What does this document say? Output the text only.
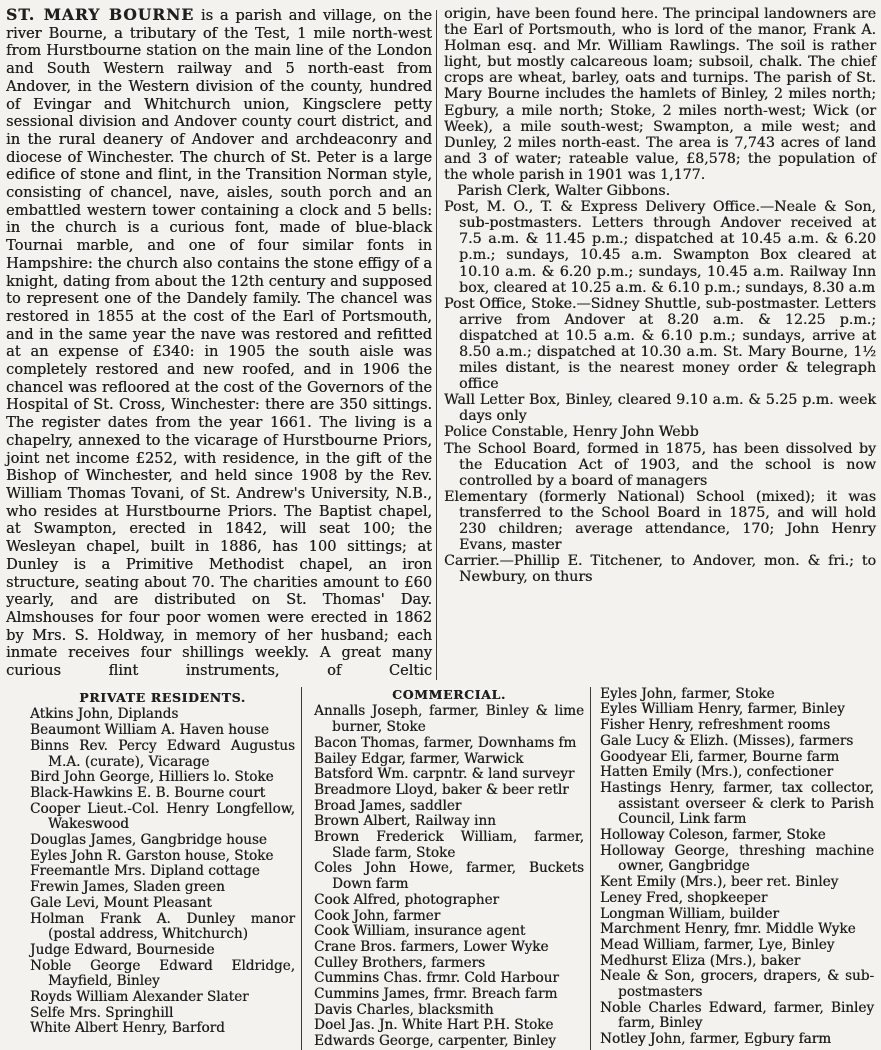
ST. MARY BOURNE is a parish and village, on the river Bourne, a tributary of the Test, 1 mile north-west from Hurstbourne station on the main line of the London and South Western railway and 5 north-east from Andover, in the Western division of the county, hundred of Evingar and Whitchurch union, Kingsclere petty sessional division and Andover county court district, and in the rural deanery of Andover and archdeaconry and diocese of Winchester. The church of St. Peter is a large edifice of stone and flint, in the Transition Norman style, consisting of chancel, nave, aisles, south porch and an embattled western tower containing a clock and 5 bells: in the church is a curious font, made of blue-black Tournai marble, and one of four similar fonts in Hampshire: the church also contains the stone effigy of a knight, dating from about the 12th century and supposed to represent one of the Dandely family. The chancel was restored in 1855 at the cost of the Earl of Portsmouth, and in the same year the nave was restored and refitted at an expense of £340: in 1905 the south aisle was completely restored and new roofed, and in 1906 the chancel was refloored at the cost of the Governors of the Hospital of St. Cross, Winchester: there are 350 sittings. The register dates from the year 1661. The living is a chapelry, annexed to the vicarage of Hurstbourne Priors, joint net income £252, with residence, in the gift of the Bishop of Winchester, and held since 1908 by the Rev. William Thomas Tovani, of St. Andrew's University, N.B., who resides at Hurstbourne Priors. The Baptist chapel, at Swampton, erected in 1842, will seat 100; the Wesleyan chapel, built in 1886, has 100 sittings; at Dunley is a Primitive Methodist chapel, an iron structure, seating about 70. The charities amount to £60 yearly, and are distributed on St. Thomas' Day. Almshouses for four poor women were erected in 1862 by Mrs. S. Holdway, in memory of her husband; each inmate receives four shillings weekly. A great many curious flint instruments, of Celtic

origin, have been found here. The principal landowners are the Earl of Portsmouth, who is lord of the manor, Frank A. Holman esq. and Mr. William Rawlings. The soil is rather light, but mostly calcareous loam; subsoil, chalk. The chief crops are wheat, barley, oats and turnips. The parish of St. Mary Bourne includes the hamlets of Binley, 2 miles north; Egbury, a mile north; Stoke, 2 miles north-west; Wick (or Week), a mile south-west; Swampton, a mile west; and Dunley, 2 miles north-east. The area is 7,743 acres of land and 3 of water; rateable value, £8,578; the population of the whole parish in 1901 was 1,177.

Parish Clerk, Walter Gibbons.

Post, M. O., T. & Express Delivery Office.—Neale & Son, sub-postmasters. Letters through Andover received at 7.5 a.m. & 11.45 p.m.; dispatched at 10.45 a.m. & 6.20 p.m.; sundays, 10.45 a.m. Swampton Box cleared at 10.10 a.m. & 6.20 p.m.; sundays, 10.45 a.m. Railway Inn box, cleared at 10.25 a.m. & 6.10 p.m.; sundays, 8.30 a.m

Post Office, Stoke.—Sidney Shuttle, sub-postmaster. Letters arrive from Andover at 8.20 a.m. & 12.25 p.m.; dispatched at 10.5 a.m. & 6.10 p.m.; sundays, arrive at 8.50 a.m.; dispatched at 10.30 a.m. St. Mary Bourne, 1½ miles distant, is the nearest money order & telegraph office

Wall Letter Box, Binley, cleared 9.10 a.m. & 5.25 p.m. week days only

Police Constable, Henry John Webb

The School Board, formed in 1875, has been dissolved by the Education Act of 1903, and the school is now controlled by a board of managers

Elementary (formerly National) School (mixed); it was transferred to the School Board in 1875, and will hold 230 children; average attendance, 170; John Henry Evans, master

Carrier.—Phillip E. Titchener, to Andover, mon. & fri.; to Newbury, on thurs

PRIVATE RESIDENTS.

Atkins John, Diplands

Beaumont William A. Haven house

Binns Rev. Percy Edward Augustus M.A. (curate), Vicarage

Bird John George, Hilliers lo. Stoke

Black-Hawkins E. B. Bourne court

Cooper Lieut.-Col. Henry Longfellow, Wakeswood

Douglas James, Gangbridge house

Eyles John R. Garston house, Stoke

Freemantle Mrs. Dipland cottage

Frewin James, Sladen green

Gale Levi, Mount Pleasant

Holman Frank A. Dunley manor (postal address, Whitchurch)

Judge Edward, Bourneside

Noble George Edward Eldridge, Mayfield, Binley

Royds William Alexander Slater

Selfe Mrs. Springhill

White Albert Henry, Barford

COMMERCIAL.

Annalls Joseph, farmer, Binley & lime burner, Stoke

Bacon Thomas, farmer, Downhams fm

Bailey Edgar, farmer, Warwick

Batsford Wm. carpntr. & land surveyr

Breadmore Lloyd, baker & beer retlr

Broad James, saddler

Brown Albert, Railway inn

Brown Frederick William, farmer, Slade farm, Stoke

Coles John Howe, farmer, Buckets Down farm

Cook Alfred, photographer

Cook John, farmer

Cook William, insurance agent

Crane Bros. farmers, Lower Wyke

Culley Brothers, farmers

Cummins Chas. frmr. Cold Harbour

Cummins James, frmr. Breach farm

Davis Charles, blacksmith

Doel Jas. Jn. White Hart P.H. Stoke

Edwards George, carpenter, Binley

Eyles John, farmer, Stoke

Eyles William Henry, farmer, Binley

Fisher Henry, refreshment rooms

Gale Lucy & Elizh. (Misses), farmers

Goodyear Eli, farmer, Bourne farm

Hatten Emily (Mrs.), confectioner

Hastings Henry, farmer, tax collector, assistant overseer & clerk to Parish Council, Link farm

Holloway Coleson, farmer, Stoke

Holloway George, threshing machine owner, Gangbridge

Kent Emily (Mrs.), beer ret. Binley

Leney Fred, shopkeeper

Longman William, builder

Marchment Henry, fmr. Middle Wyke

Mead William, farmer, Lye, Binley

Medhurst Eliza (Mrs.), baker

Neale & Son, grocers, drapers, & sub-postmasters

Noble Charles Edward, farmer, Binley farm, Binley

Notley John, farmer, Egbury farm
